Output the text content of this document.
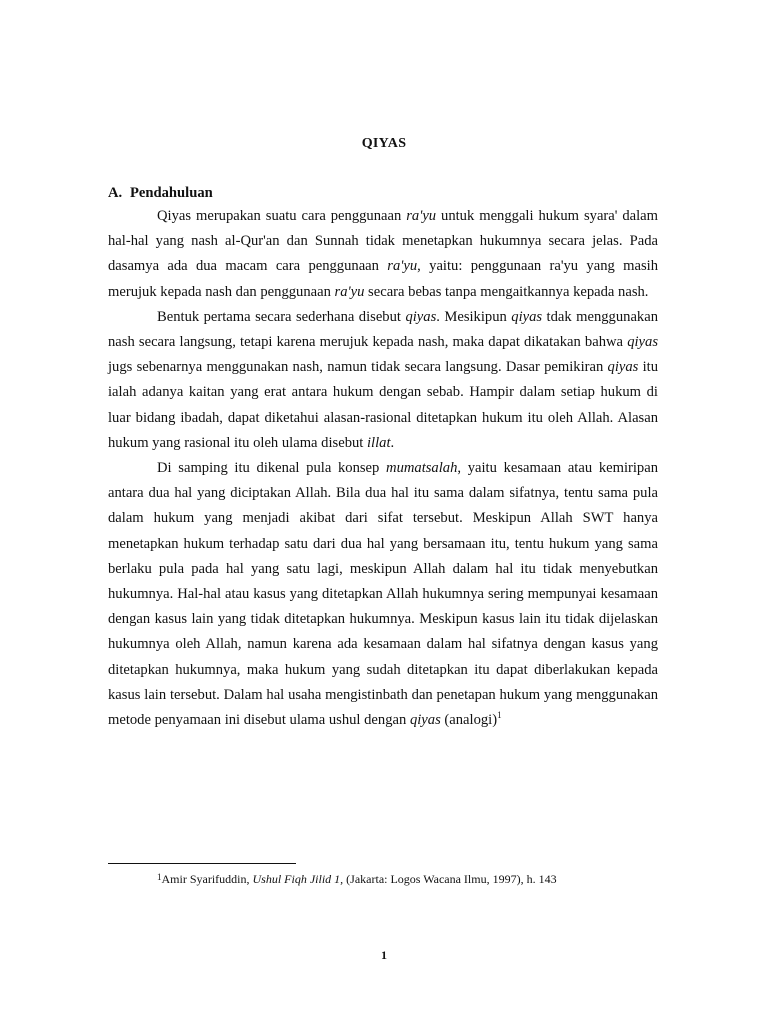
QIYAS
A. Pendahuluan

Qiyas merupakan suatu cara penggunaan ra'yu untuk menggali hukum syara' dalam hal-hal yang nash al-Qur'an dan Sunnah tidak menetapkan hukumnya secara jelas. Pada dasamya ada dua macam cara penggunaan ra'yu, yaitu: penggunaan ra'yu yang masih merujuk kepada nash dan penggunaan ra'yu secara bebas tanpa mengaitkannya kepada nash.

Bentuk pertama secara sederhana disebut qiyas. Mesikipun qiyas tdak menggunakan nash secara langsung, tetapi karena merujuk kepada nash, maka dapat dikatakan bahwa qiyas jugs sebenarnya menggunakan nash, namun tidak secara langsung. Dasar pemikiran qiyas itu ialah adanya kaitan yang erat antara hukum dengan sebab. Hampir dalam setiap hukum di luar bidang ibadah, dapat diketahui alasan-rasional ditetapkan hukum itu oleh Allah. Alasan hukum yang rasional itu oleh ulama disebut illat.

Di samping itu dikenal pula konsep mumatsalah, yaitu kesamaan atau kemiripan antara dua hal yang diciptakan Allah. Bila dua hal itu sama dalam sifatnya, tentu sama pula dalam hukum yang menjadi akibat dari sifat tersebut. Meskipun Allah SWT hanya menetapkan hukum terhadap satu dari dua hal yang bersamaan itu, tentu hukum yang sama berlaku pula pada hal yang satu lagi, meskipun Allah dalam hal itu tidak menyebutkan hukumnya. Hal-hal atau kasus yang ditetapkan Allah hukumnya sering mempunyai kesamaan dengan kasus lain yang tidak ditetapkan hukumnya. Meskipun kasus lain itu tidak dijelaskan hukumnya oleh Allah, namun karena ada kesamaan dalam hal sifatnya dengan kasus yang ditetapkan hukumnya, maka hukum yang sudah ditetapkan itu dapat diberlakukan kepada kasus lain tersebut. Dalam hal usaha mengistinbath dan penetapan hukum yang menggunakan metode penyamaan ini disebut ulama ushul dengan qiyas $(analogi)^1$

$^1$Amir Syarifuddin, Ushul Fiqh Jilid 1, (Jakarta: Logos Wacana Ilmu, 1997), h. 143
1
